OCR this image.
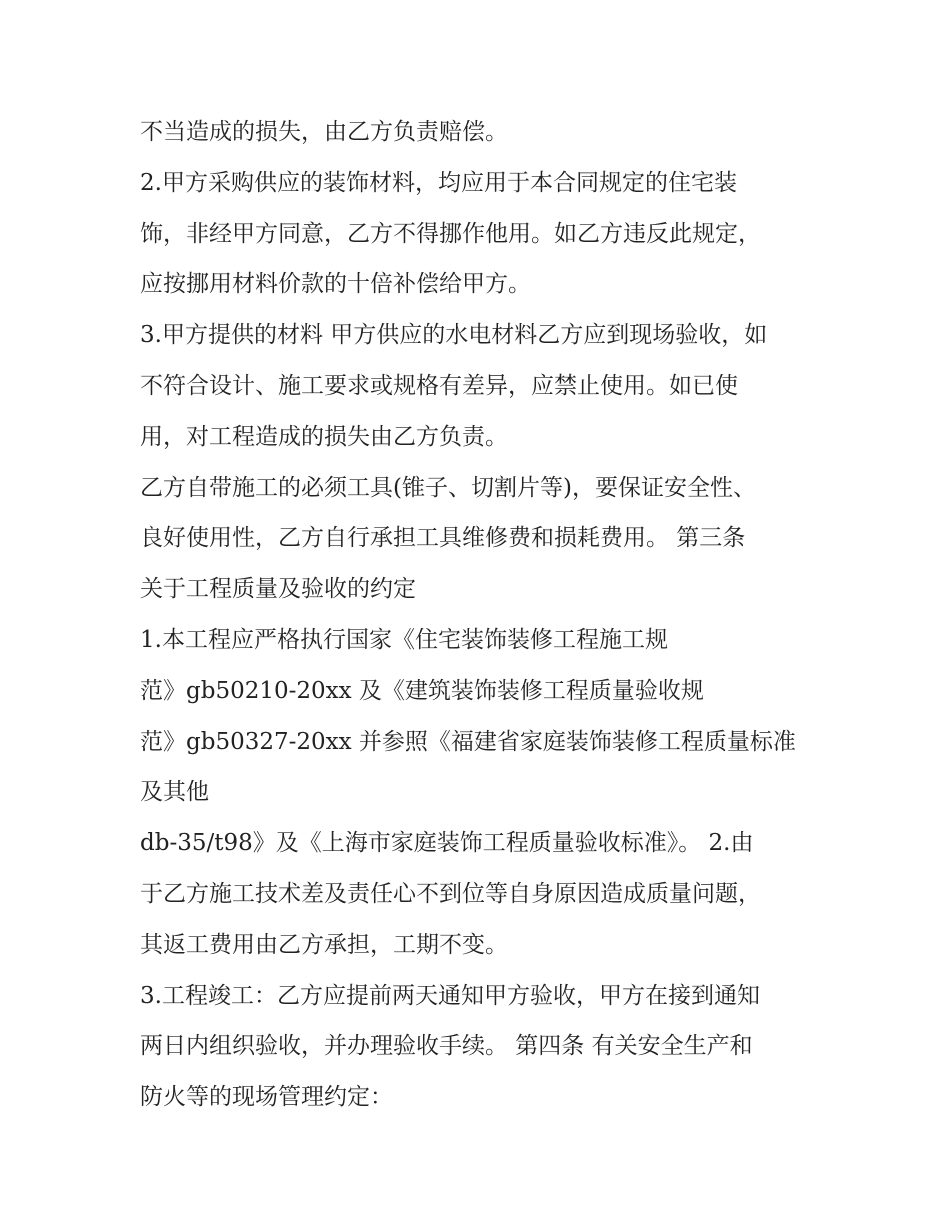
不当造成的损失，由乙方负责赔偿。
2.甲方采购供应的装饰材料，均应用于本合同规定的住宅装
饰，非经甲方同意，乙方不得挪作他用。如乙方违反此规定，
应按挪用材料价款的十倍补偿给甲方。
3.甲方提供的材料 甲方供应的水电材料乙方应到现场验收，如
不符合设计、施工要求或规格有差异，应禁止使用。如已使
用，对工程造成的损失由乙方负责。
乙方自带施工的必须工具(锥子、切割片等)，要保证安全性、
良好使用性，乙方自行承担工具维修费和损耗费用。 第三条
关于工程质量及验收的约定
1.本工程应严格执行国家《住宅装饰装修工程施工规
范》gb50210-20xx 及《建筑装饰装修工程质量验收规
范》gb50327-20xx 并参照《福建省家庭装饰装修工程质量标准
及其他
db-35/t98》及《上海市家庭装饰工程质量验收标准》。 2.由
于乙方施工技术差及责任心不到位等自身原因造成质量问题，
其返工费用由乙方承担，工期不变。
3.工程竣工：乙方应提前两天通知甲方验收，甲方在接到通知
两日内组织验收，并办理验收手续。 第四条 有关安全生产和
防火等的现场管理约定：
